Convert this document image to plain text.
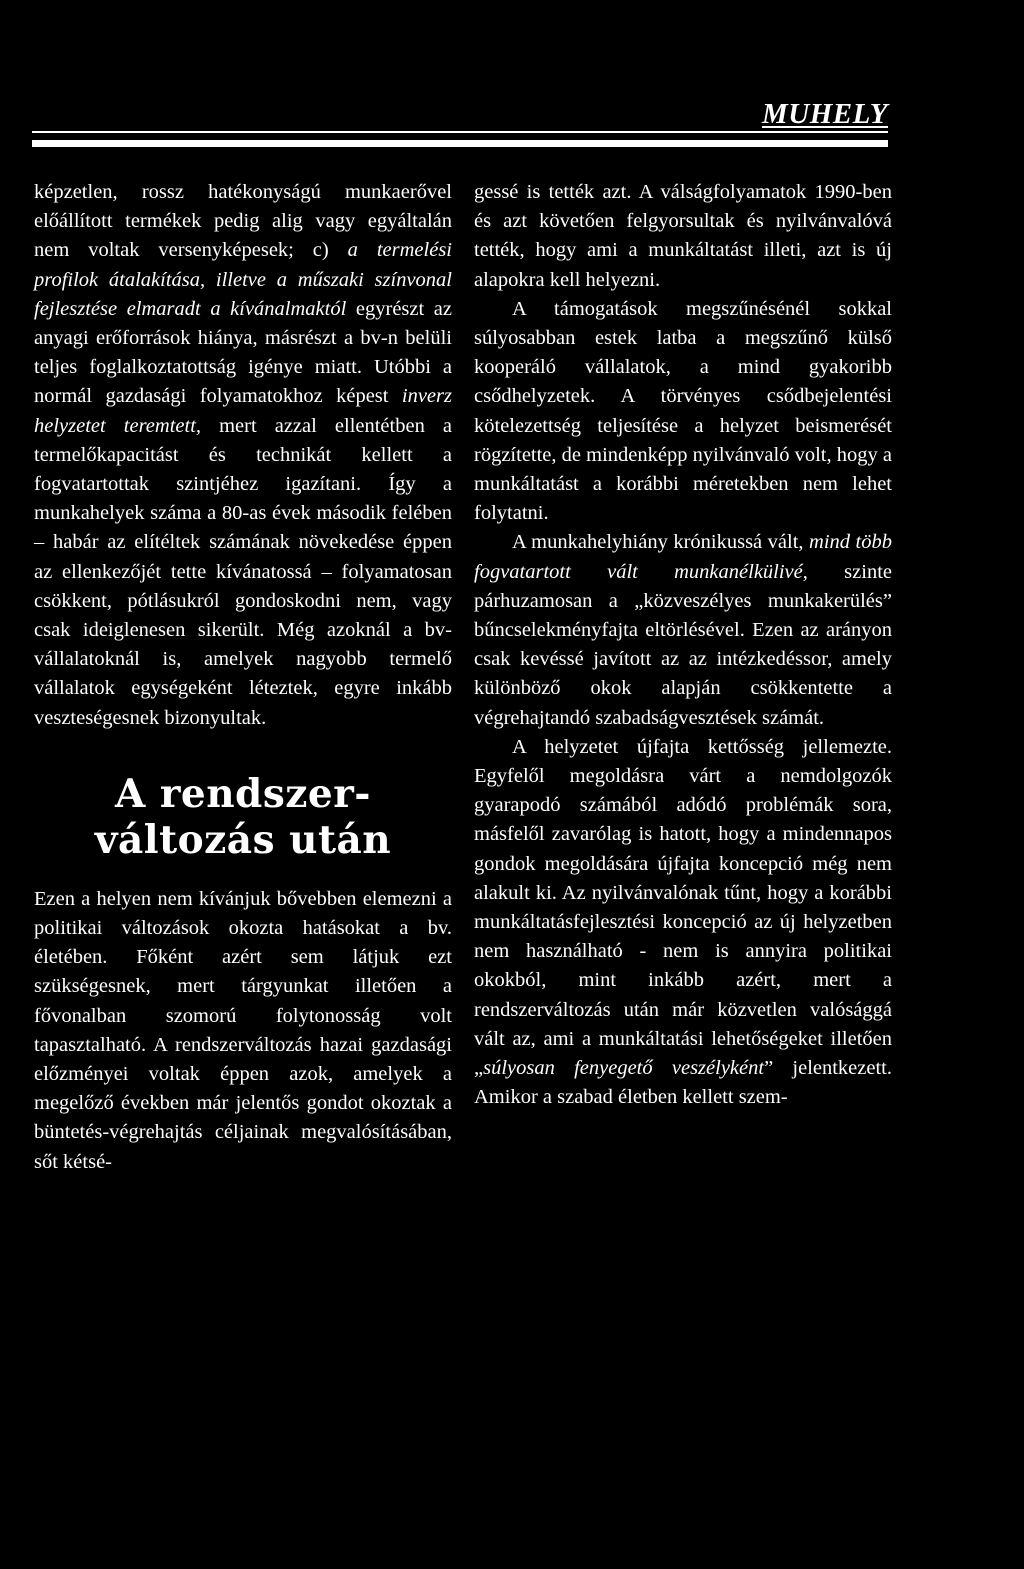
MUHELY

képzetlen, rossz hatékonyságú munkaerővel előállított termékek pedig alig vagy egyáltalán nem voltak versenyképesek; c) a termelési profilok átalakítása, illetve a műszaki színvonal fejlesztése elmaradt a kívánalmaktól egyrészt az anyagi erőforrások hiánya, másrészt a bv-n belüli teljes foglalkoztatottság igénye miatt. Utóbbi a normál gazdasági folyamatokhoz képest inverz helyzetet teremtett, mert azzal ellentétben a termelőkapacitást és technikát kellett a fogvatartottak szintjéhez igazítani. Így a munkahelyek száma a 80-as évek második felében – habár az elítéltek számának növekedése éppen az ellenkezőjét tette kívánatossá – folyamatosan csökkent, pótlásukról gondoskodni nem, vagy csak ideiglenesen sikerült. Még azoknál a bv-vállalatoknál is, amelyek nagyobb termelő vállalatok egységeként léteztek, egyre inkább veszteségesnek bizonyultak.

A rendszer-
változás után

Ezen a helyen nem kívánjuk bővebben elemezni a politikai változások okozta hatásokat a bv. életében. Főként azért sem látjuk ezt szükségesnek, mert tárgyunkat illetően a fővonalban szomorú folytonosság volt tapasztalható. A rendszerváltozás hazai gazdasági előzményei voltak éppen azok, amelyek a megelőző években már jelentős gondot okoztak a büntetés-végrehajtás céljainak megvalósításában, sőt kétsé-

gessé is tették azt. A válságfolyamatok 1990-ben és azt követően felgyorsultak és nyilvánvalóvá tették, hogy ami a munkáltatást illeti, azt is új alapokra kell helyezni.

A támogatások megszűnésénél sokkal súlyosabban estek latba a megszűnő külső kooperáló vállalatok, a mind gyakoribb csődhelyzetek. A törvényes csődbejelentési kötelezettség teljesítése a helyzet beismerését rögzítette, de mindenképp nyilvánvaló volt, hogy a munkáltatást a korábbi méretekben nem lehet folytatni.

A munkahelyhiány krónikussá vált, mind több fogvatartott vált munkanélkülivé, szinte párhuzamosan a „közveszélyes munkakerülés” bűncselekményfajta eltörlésével. Ezen az arányon csak kevéssé javított az az intézkedéssor, amely különböző okok alapján csökkentette a végrehajtandó szabadságvesztések számát.

A helyzetet újfajta kettősség jellemezte. Egyfelől megoldásra várt a nemdolgozók gyarapodó számából adódó problémák sora, másfelől zavarólag is hatott, hogy a mindennapos gondok megoldására újfajta koncepció még nem alakult ki. Az nyilvánvalónak tűnt, hogy a korábbi munkáltatásfejlesztési koncepció az új helyzetben nem használható - nem is annyira politikai okokból, mint inkább azért, mert a rendszerváltozás után már közvetlen valósággá vált az, ami a munkáltatási lehetőségeket illetően „súlyosan fenyegető veszélyként” jelentkezett. Amikor a szabad életben kellett szem-
